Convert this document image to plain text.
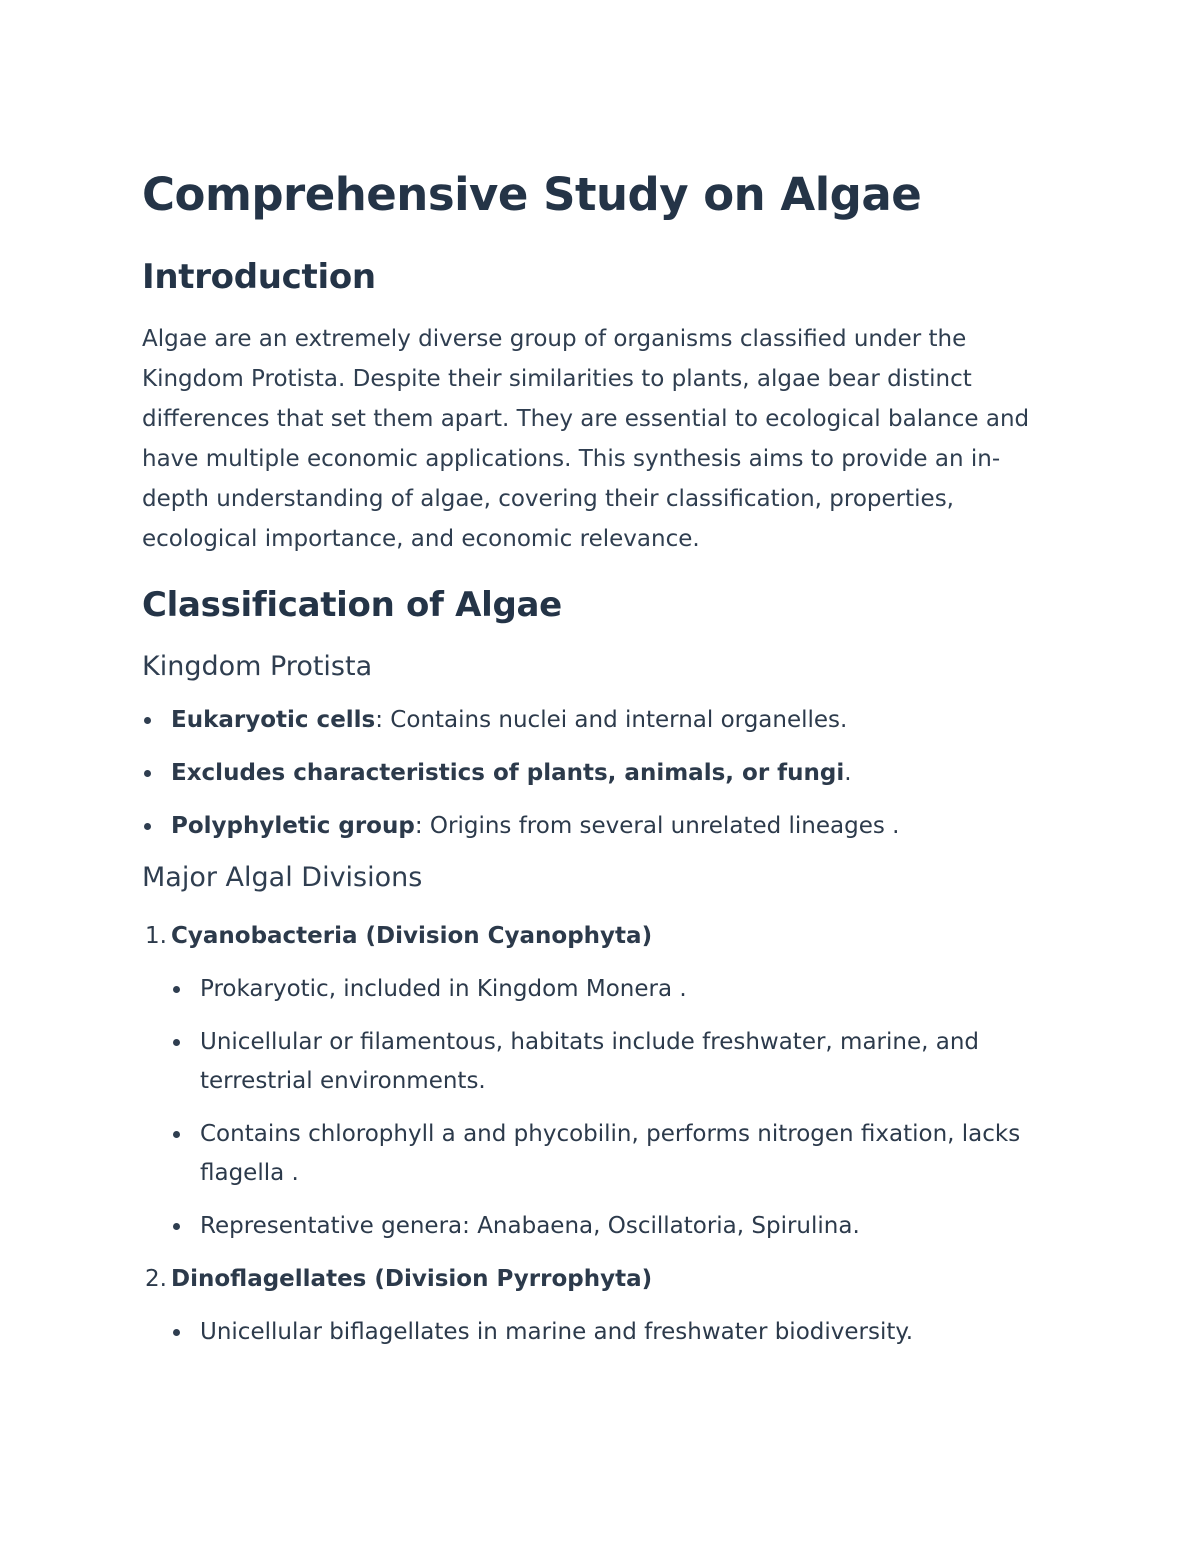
Comprehensive Study on Algae
Introduction

Algae are an extremely diverse group of organisms classified under the Kingdom Protista. Despite their similarities to plants, algae bear distinct differences that set them apart. They are essential to ecological balance and have multiple economic applications. This synthesis aims to provide an in-depth understanding of algae, covering their classification, properties, ecological importance, and economic relevance.

Classification of Algae
Kingdom Protista
Eukaryotic cells: Contains nuclei and internal organelles.
Excludes characteristics of plants, animals, or fungi.
Polyphyletic group: Origins from several unrelated lineages .
Major Algal Divisions
1. Cyanobacteria (Division Cyanophyta)
Prokaryotic, included in Kingdom Monera .
Unicellular or filamentous, habitats include freshwater, marine, and terrestrial environments.
Contains chlorophyll a and phycobilin, performs nitrogen fixation, lacks flagella .
Representative genera: Anabaena, Oscillatoria, Spirulina.
2. Dinoflagellates (Division Pyrrophyta)
Unicellular biflagellates in marine and freshwater biodiversity.
